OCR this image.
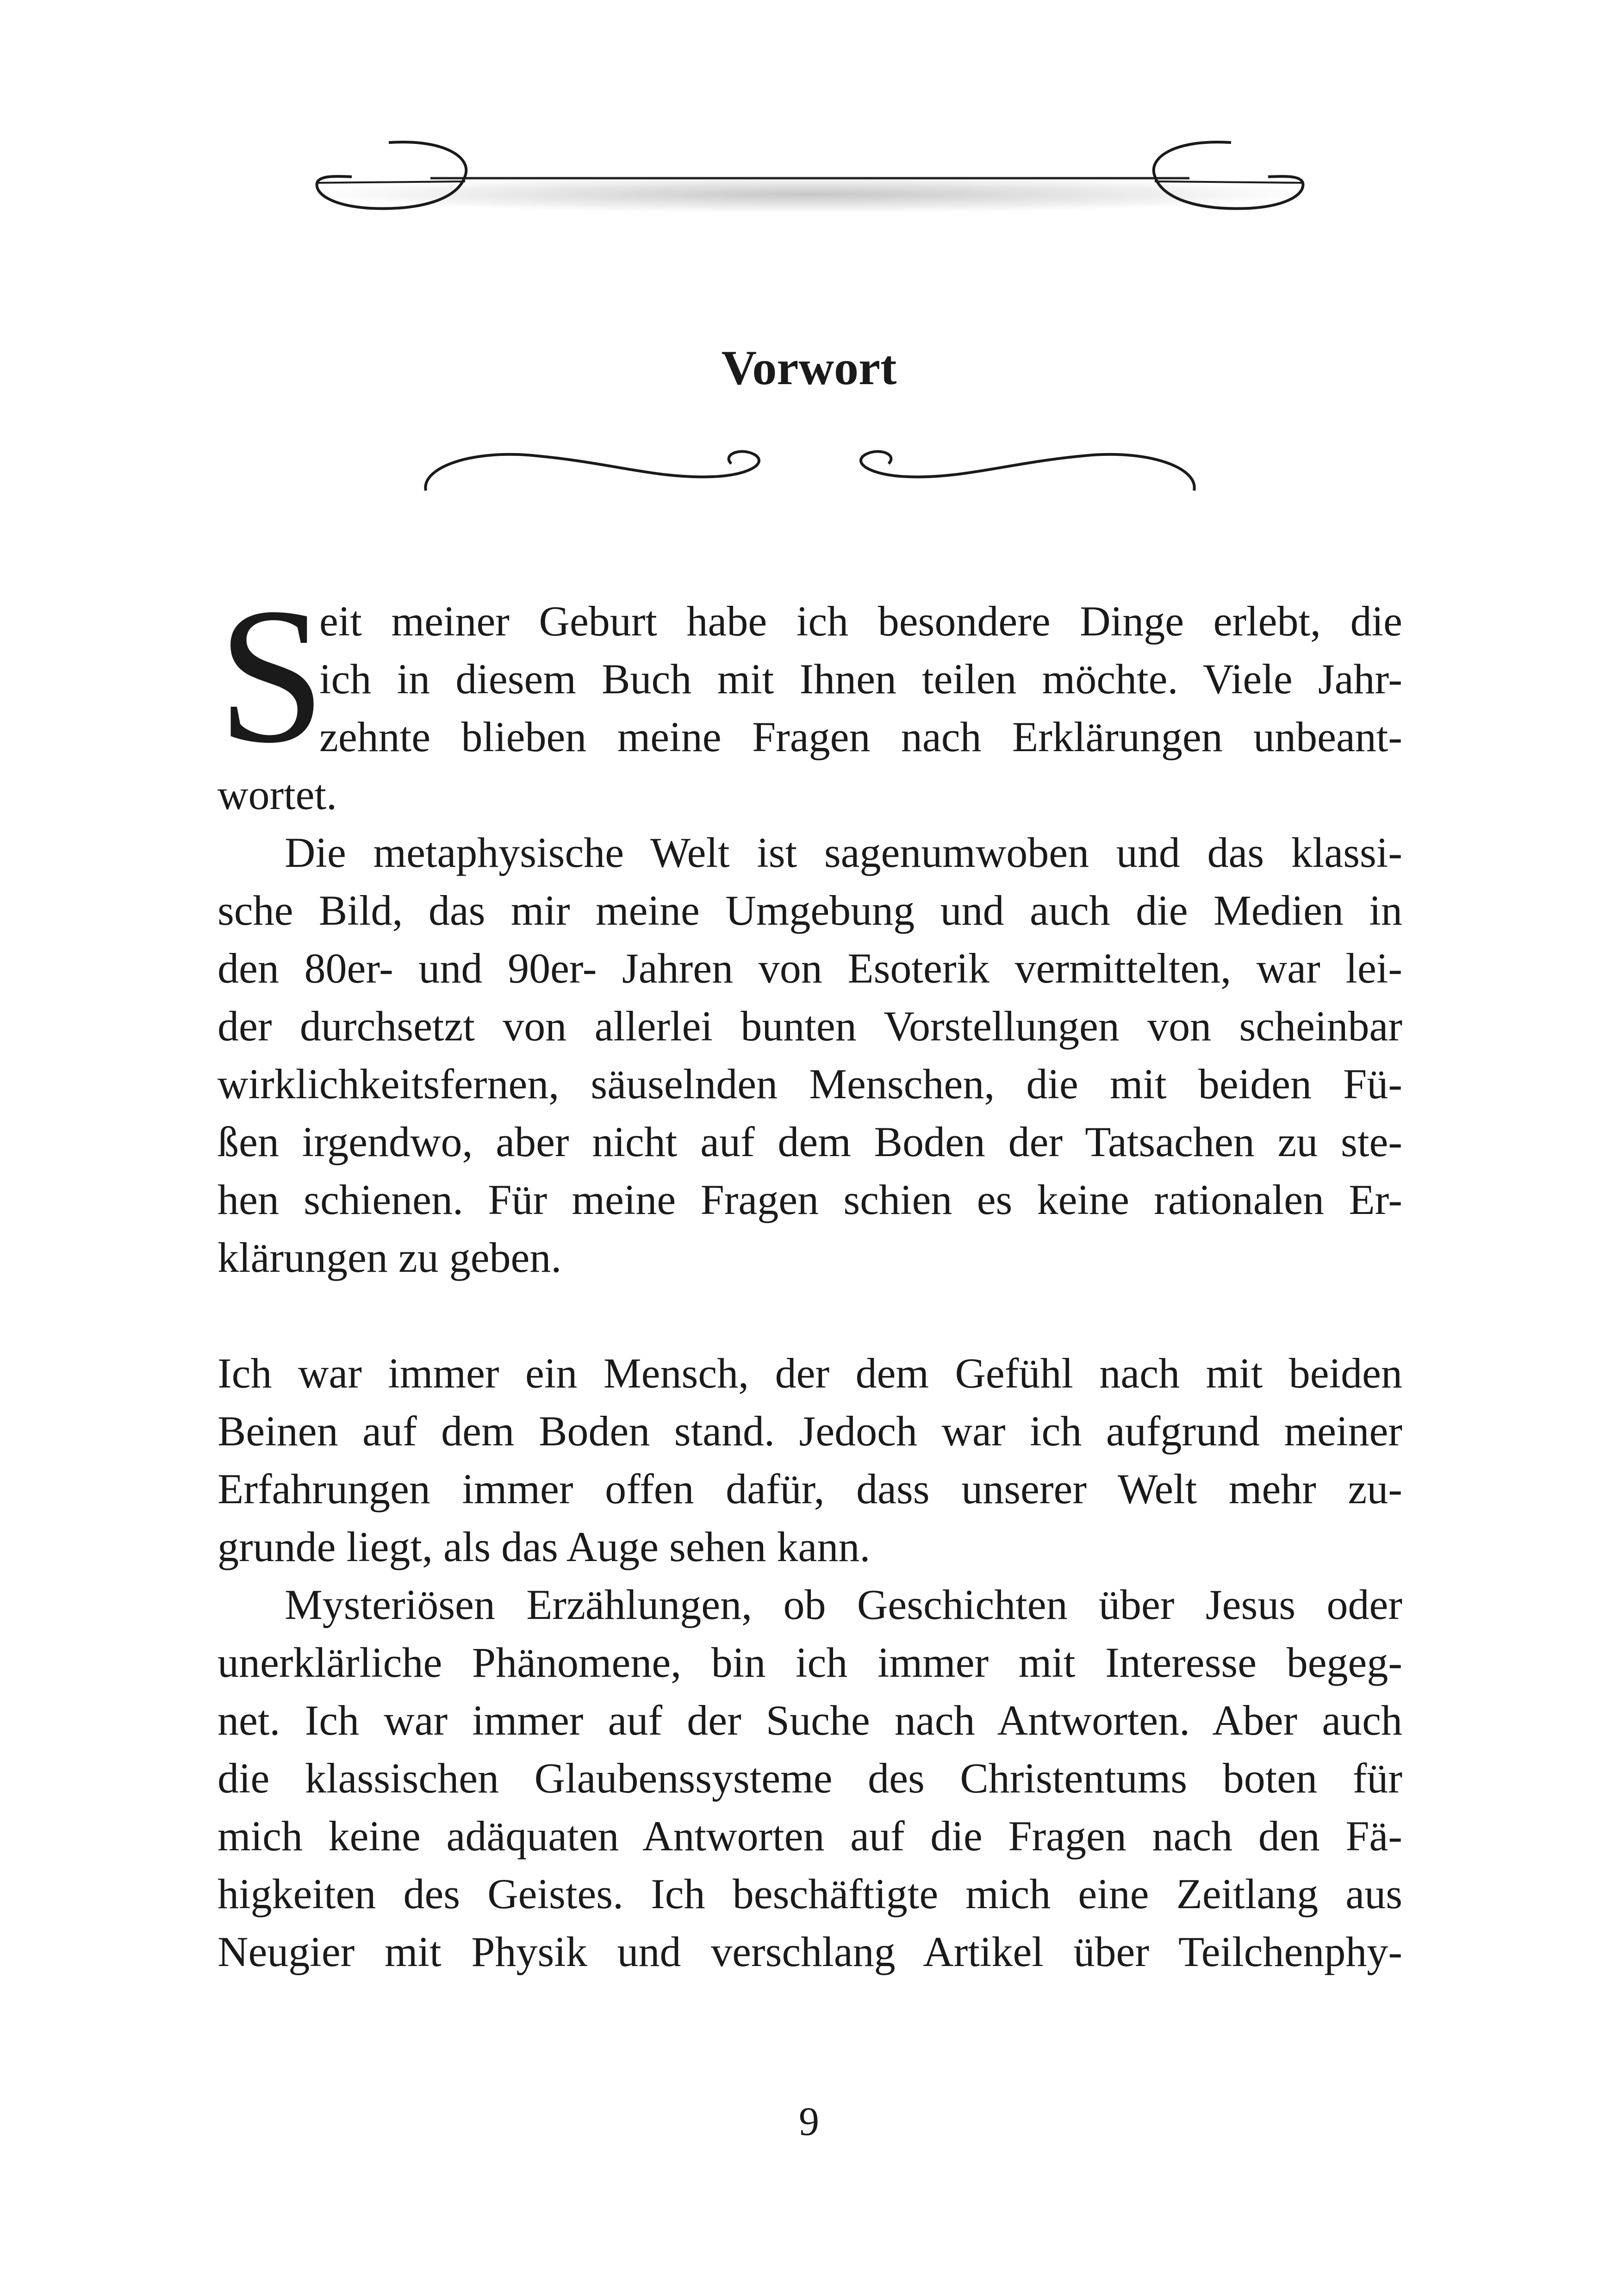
Vorwort
S
eit meiner Geburt habe ich besondere Dinge erlebt, die
ich in diesem Buch mit Ihnen teilen möchte. Viele Jahr-
zehnte blieben meine Fragen nach Erklärungen unbeant-
wortet.
Die metaphysische Welt ist sagenumwoben und das klassi-
sche Bild, das mir meine Umgebung und auch die Medien in
den 80er- und 90er- Jahren von Esoterik vermittelten, war lei-
der durchsetzt von allerlei bunten Vorstellungen von scheinbar
wirklichkeitsfernen, säuselnden Menschen, die mit beiden Fü-
ßen irgendwo, aber nicht auf dem Boden der Tatsachen zu ste-
hen schienen. Für meine Fragen schien es keine rationalen Er-
klärungen zu geben.
Ich war immer ein Mensch, der dem Gefühl nach mit beiden
Beinen auf dem Boden stand. Jedoch war ich aufgrund meiner
Erfahrungen immer offen dafür, dass unserer Welt mehr zu-
grunde liegt, als das Auge sehen kann.
Mysteriösen Erzählungen, ob Geschichten über Jesus oder
unerklärliche Phänomene, bin ich immer mit Interesse begeg-
net. Ich war immer auf der Suche nach Antworten. Aber auch
die klassischen Glaubenssysteme des Christentums boten für
mich keine adäquaten Antworten auf die Fragen nach den Fä-
higkeiten des Geistes. Ich beschäftigte mich eine Zeitlang aus
Neugier mit Physik und verschlang Artikel über Teilchenphy-
9
